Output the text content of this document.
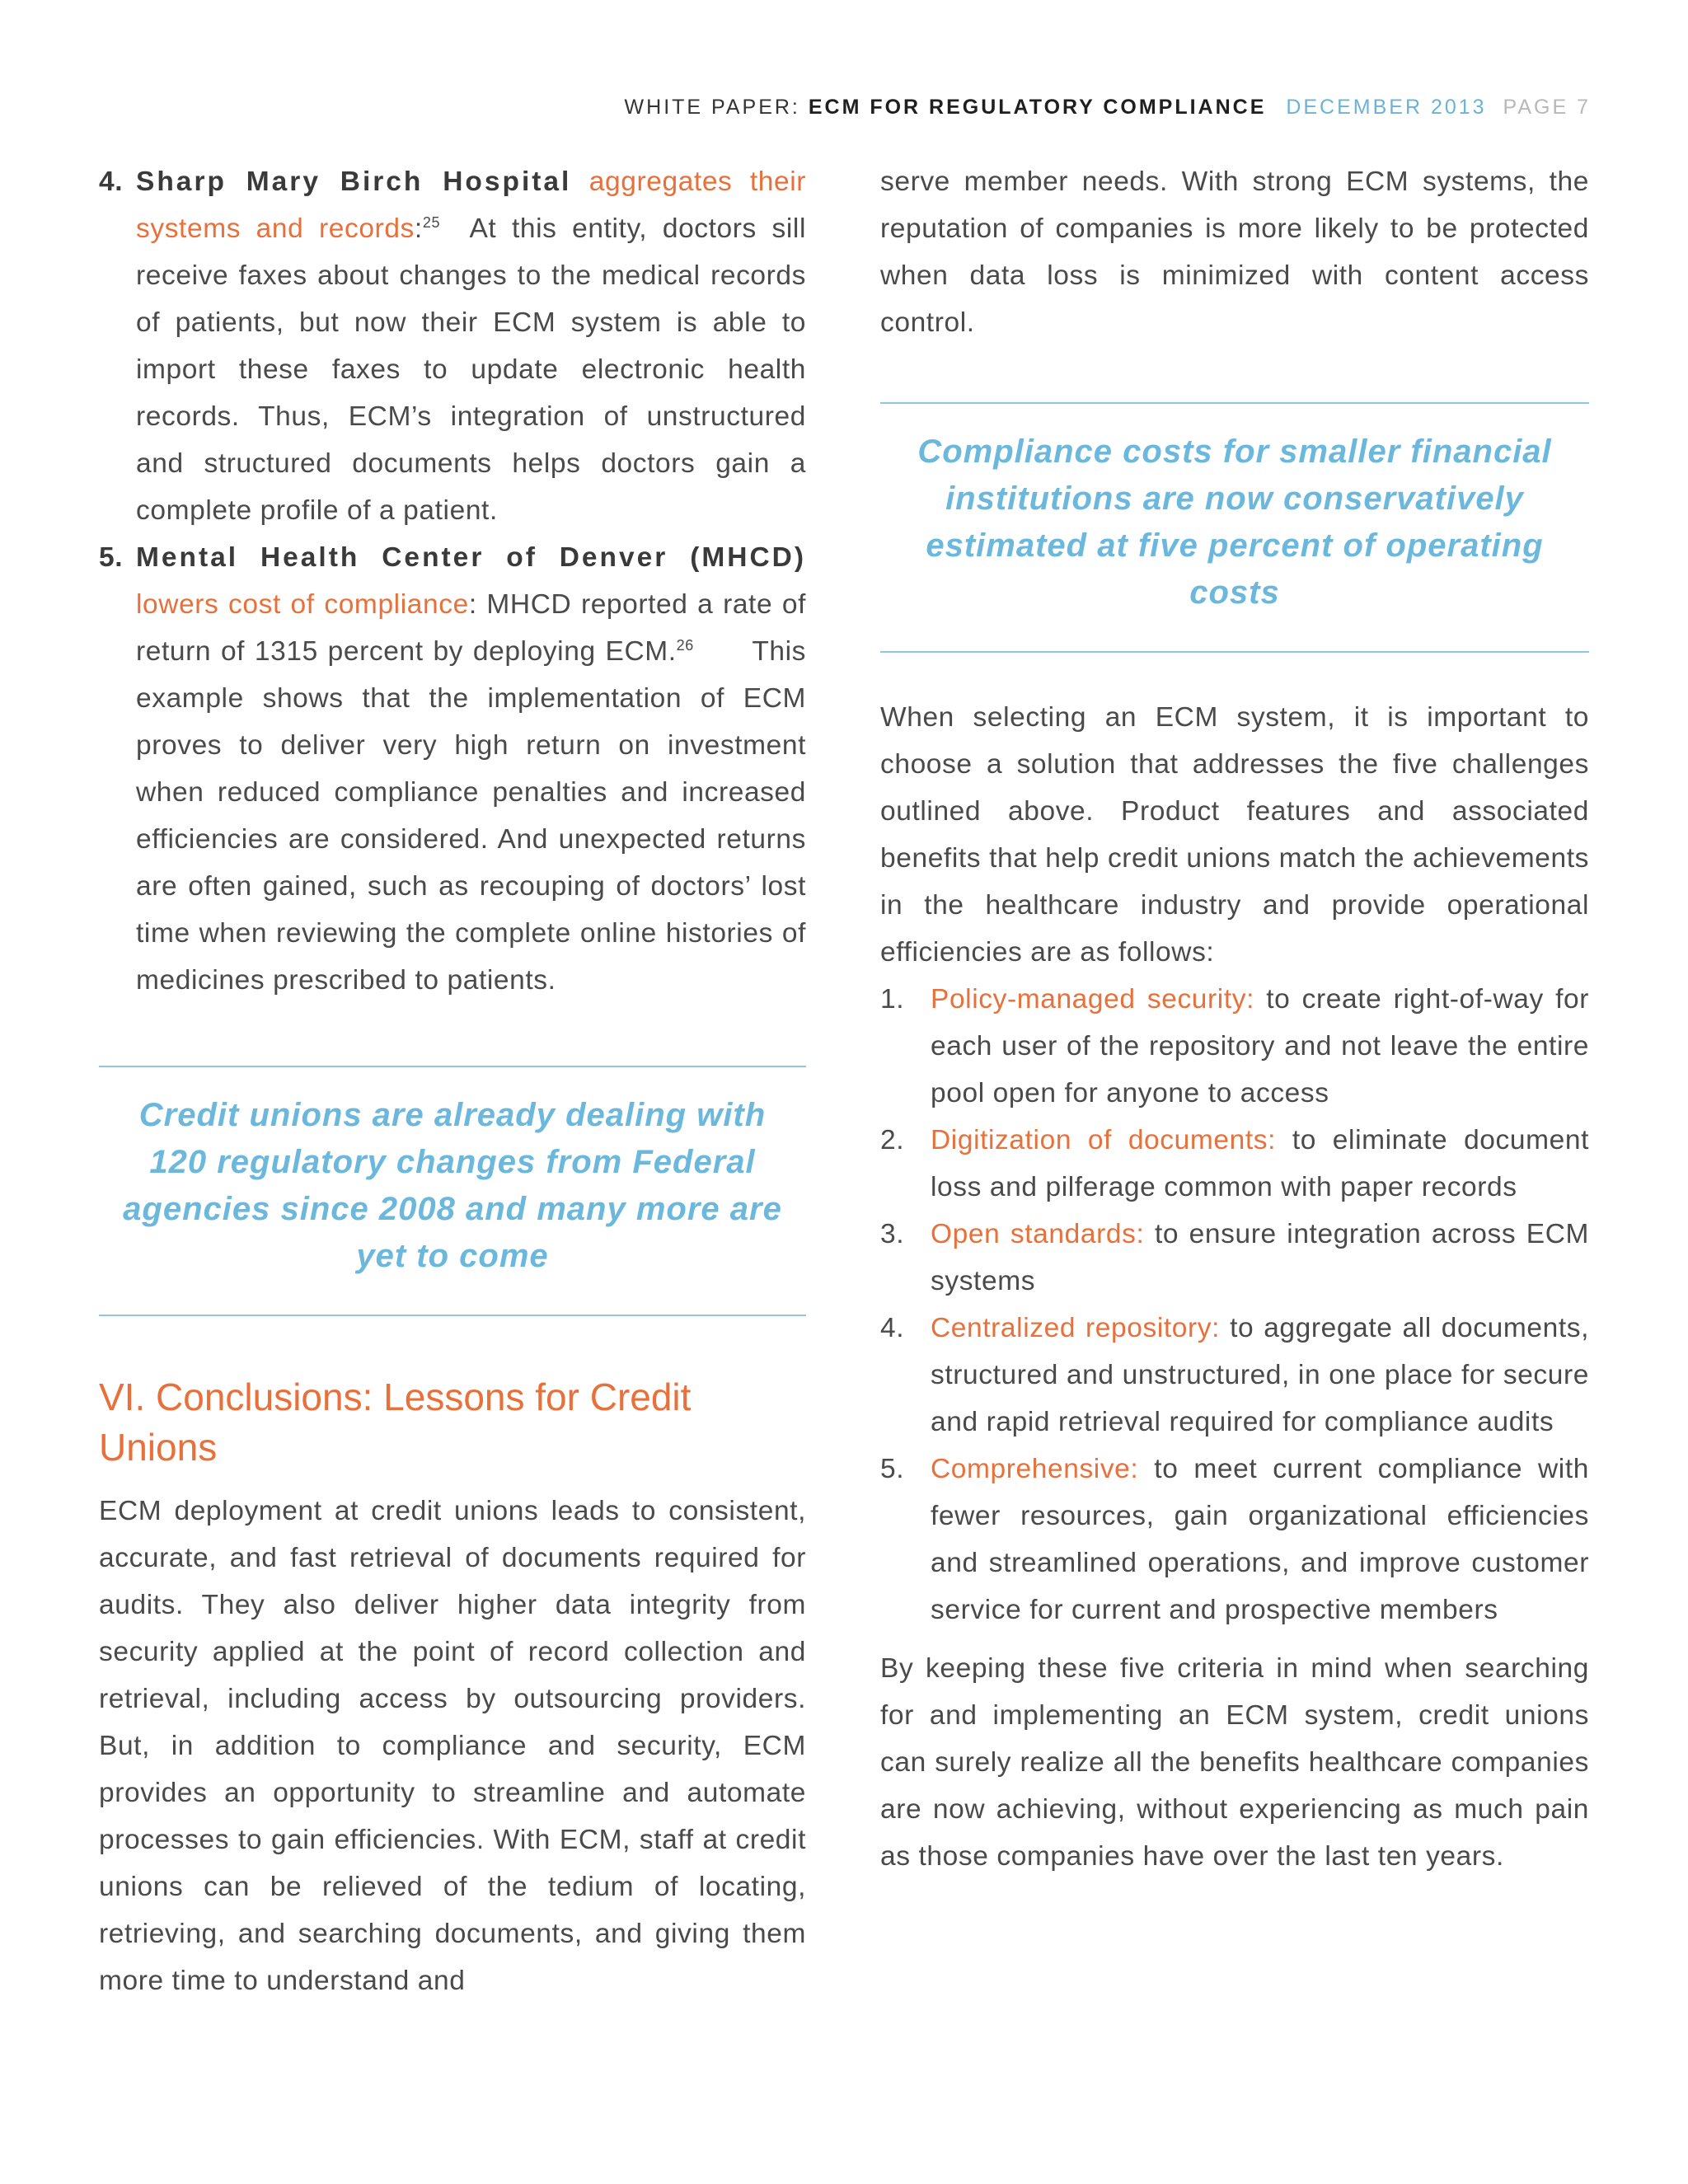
WHITE PAPER: ECM FOR REGULATORY COMPLIANCE DECEMBER 2013 PAGE 7
4. Sharp Mary Birch Hospital aggregates their systems and records:$^{25}$ At this entity, doctors sill receive faxes about changes to the medical records of patients, but now their ECM system is able to import these faxes to update electronic health records. Thus, ECM’s integration of unstructured and structured documents helps doctors gain a complete profile of a patient.
5. Mental Health Center of Denver (MHCD) lowers cost of compliance: MHCD reported a rate of return of 1315 percent by deploying ECM.$^{26}$ This example shows that the implementation of ECM proves to deliver very high return on investment when reduced compliance penalties and increased efficiencies are considered. And unexpected returns are often gained, such as recouping of doctors’ lost time when reviewing the complete online histories of medicines prescribed to patients.
Credit unions are already dealing with 120 regulatory changes from Federal agencies since 2008 and many more are yet to come
VI. Conclusions: Lessons for Credit Unions

ECM deployment at credit unions leads to consistent, accurate, and fast retrieval of documents required for audits. They also deliver higher data integrity from security applied at the point of record collection and retrieval, including access by outsourcing providers. But, in addition to compliance and security, ECM provides an opportunity to streamline and automate processes to gain efficiencies. With ECM, staff at credit unions can be relieved of the tedium of locating, retrieving, and searching documents, and giving them more time to understand and

serve member needs. With strong ECM systems, the reputation of companies is more likely to be protected when data loss is minimized with content access control.

Compliance costs for smaller financial institutions are now conservatively estimated at five percent of operating costs

When selecting an ECM system, it is important to choose a solution that addresses the five challenges outlined above. Product features and associated benefits that help credit unions match the achievements in the healthcare industry and provide operational efficiencies are as follows:

1. Policy-managed security: to create right-of-way for each user of the repository and not leave the entire pool open for anyone to access
2. Digitization of documents: to eliminate document loss and pilferage common with paper records
3. Open standards: to ensure integration across ECM systems
4. Centralized repository: to aggregate all documents, structured and unstructured, in one place for secure and rapid retrieval required for compliance audits
5. Comprehensive: to meet current compliance with fewer resources, gain organizational efficiencies and streamlined operations, and improve customer service for current and prospective members

By keeping these five criteria in mind when searching for and implementing an ECM system, credit unions can surely realize all the benefits healthcare companies are now achieving, without experiencing as much pain as those companies have over the last ten years.
